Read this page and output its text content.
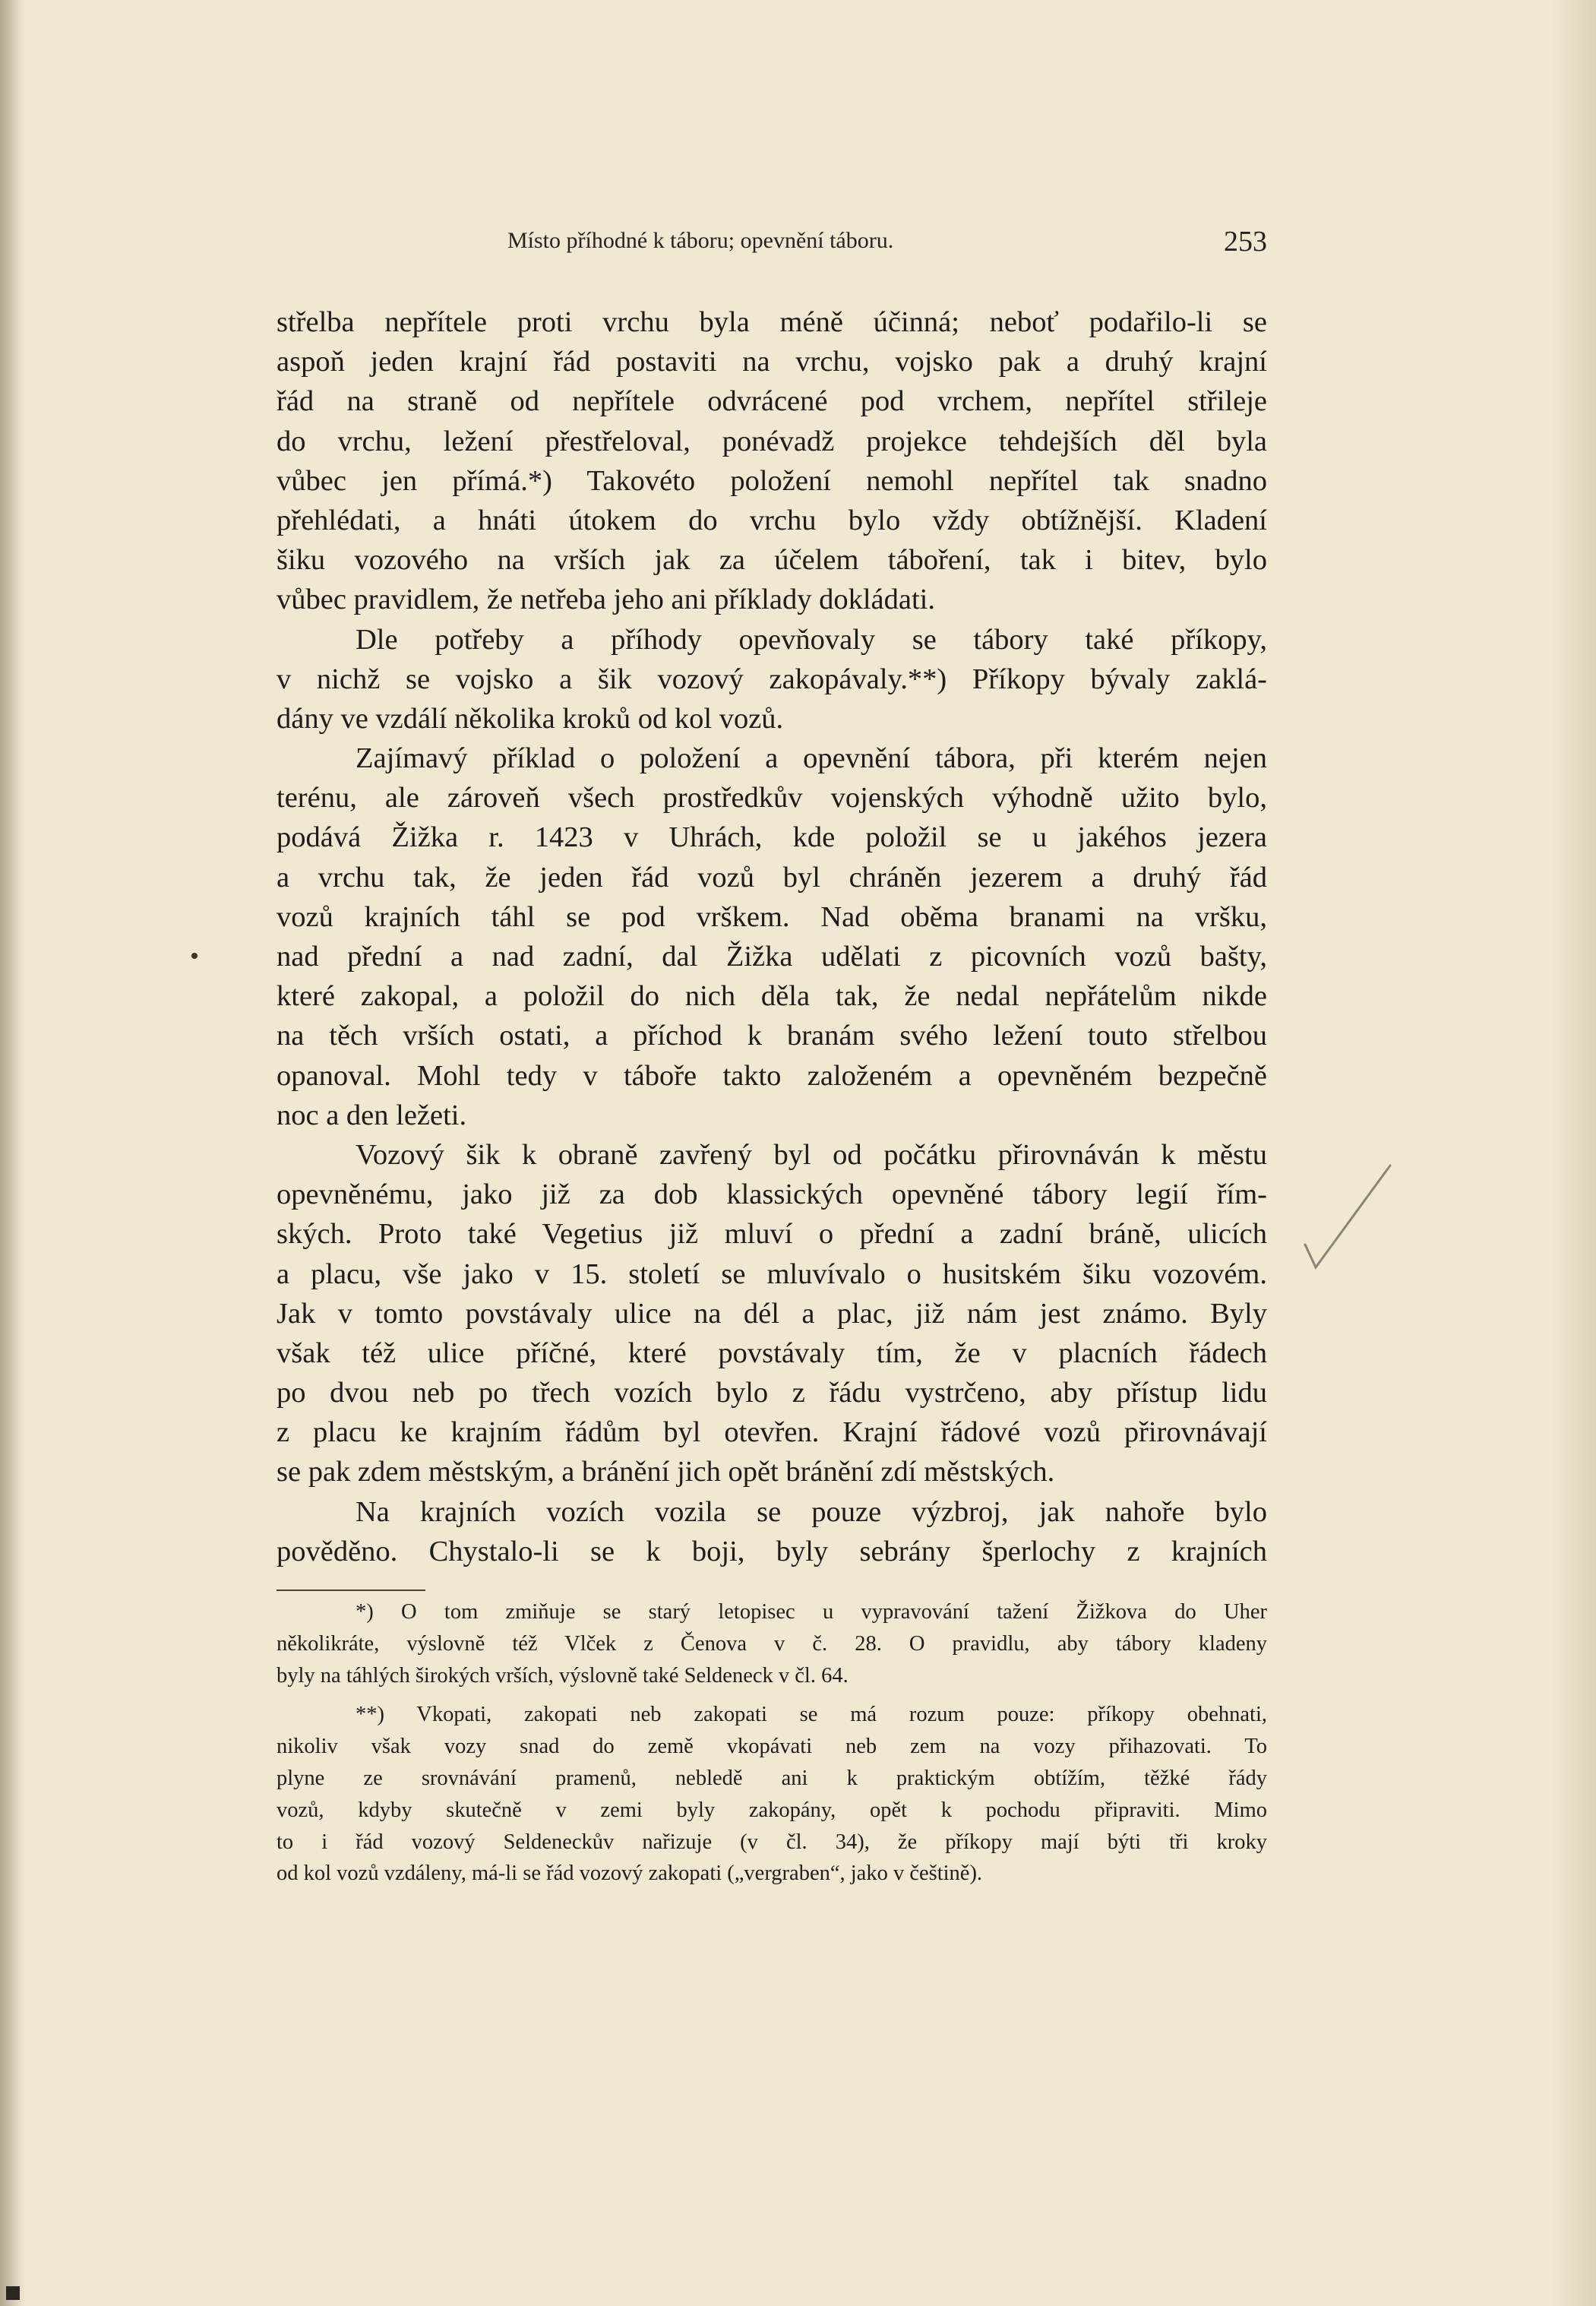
Místo příhodné k táboru; opevnění táboru.	253
střelba nepřítele proti vrchu byla méně účinná; neboť podařilo-li se
aspoň jeden krajní řád postaviti na vrchu, vojsko pak a druhý krajní
řád na straně od nepřítele odvrácené pod vrchem, nepřítel střileje
do vrchu, ležení přestřeloval, ponévadž projekce tehdejších děl byla
vůbec jen přímá.*) Takovéto položení nemohl nepřítel tak snadno
přehlédati, a hnáti útokem do vrchu bylo vždy obtížnější. Kladení
šiku vozového na vrších jak za účelem táboření, tak i bitev, bylo
vůbec pravidlem, že netřeba jeho ani příklady dokládati.
Dle potřeby a příhody opevňovaly se tábory také příkopy,
v nichž se vojsko a šik vozový zakopávaly.**) Příkopy bývaly zaklá-
dány ve vzdálí několika kroků od kol vozů.
Zajímavý příklad o položení a opevnění tábora, při kterém nejen
terénu, ale zároveň všech prostředkův vojenských výhodně užito bylo,
podává Žižka r. 1423 v Uhrách, kde položil se u jakéhos jezera
a vrchu tak, že jeden řád vozů byl chráněn jezerem a druhý řád
vozů krajních táhl se pod vrškem. Nad oběma branami na vršku,
nad přední a nad zadní, dal Žižka udělati z picovních vozů bašty,
které zakopal, a položil do nich děla tak, že nedal nepřátelům nikde
na těch vrších ostati, a příchod k branám svého ležení touto střelbou
opanoval. Mohl tedy v táboře takto založeném a opevněném bezpečně
noc a den ležeti.
Vozový šik k obraně zavřený byl od počátku přirovnáván k městu
opevněnému, jako již za dob klassických opevněné tábory legií řím-
ských. Proto také Vegetius již mluví o přední a zadní bráně, ulicích
a placu, vše jako v 15. století se mluvívalo o husitském šiku vozovém.
Jak v tomto povstávaly ulice na dél a plac, již nám jest známo. Byly
však též ulice příčné, které povstávaly tím, že v placních řádech
po dvou neb po třech vozích bylo z řádu vystrčeno, aby přístup lidu
z placu ke krajním řádům byl otevřen. Krajní řádové vozů přirovnávají
se pak zdem městským, a bránění jich opět bránění zdí městských.
Na krajních vozích vozila se pouze výzbroj, jak nahoře bylo
pověděno. Chystalo-li se k boji, byly sebrány šperlochy z krajních
*) O tom zmiňuje se starý letopisec u vypravování tažení Žižkova do Uher
několikráte, výslovně též Vlček z Čenova v č. 28. O pravidlu, aby tábory kladeny
byly na táhlých širokých vrších, výslovně také Seldeneck v čl. 64.
**) Vkopati, zakopati neb zakopati se má rozum pouze: příkopy obehnati,
nikoliv však vozy snad do země vkopávati neb zem na vozy přihazovati. To
plyne ze srovnávání pramenů, nebledě ani k praktickým obtížím, těžké řády
vozů, kdyby skutečně v zemi byly zakopány, opět k pochodu připraviti. Mimo
to i řád vozový Seldeneckův nařizuje (v čl. 34), že příkopy mají býti tři kroky
od kol vozů vzdáleny, má-li se řád vozový zakopati („vergraben“, jako v češtině).
